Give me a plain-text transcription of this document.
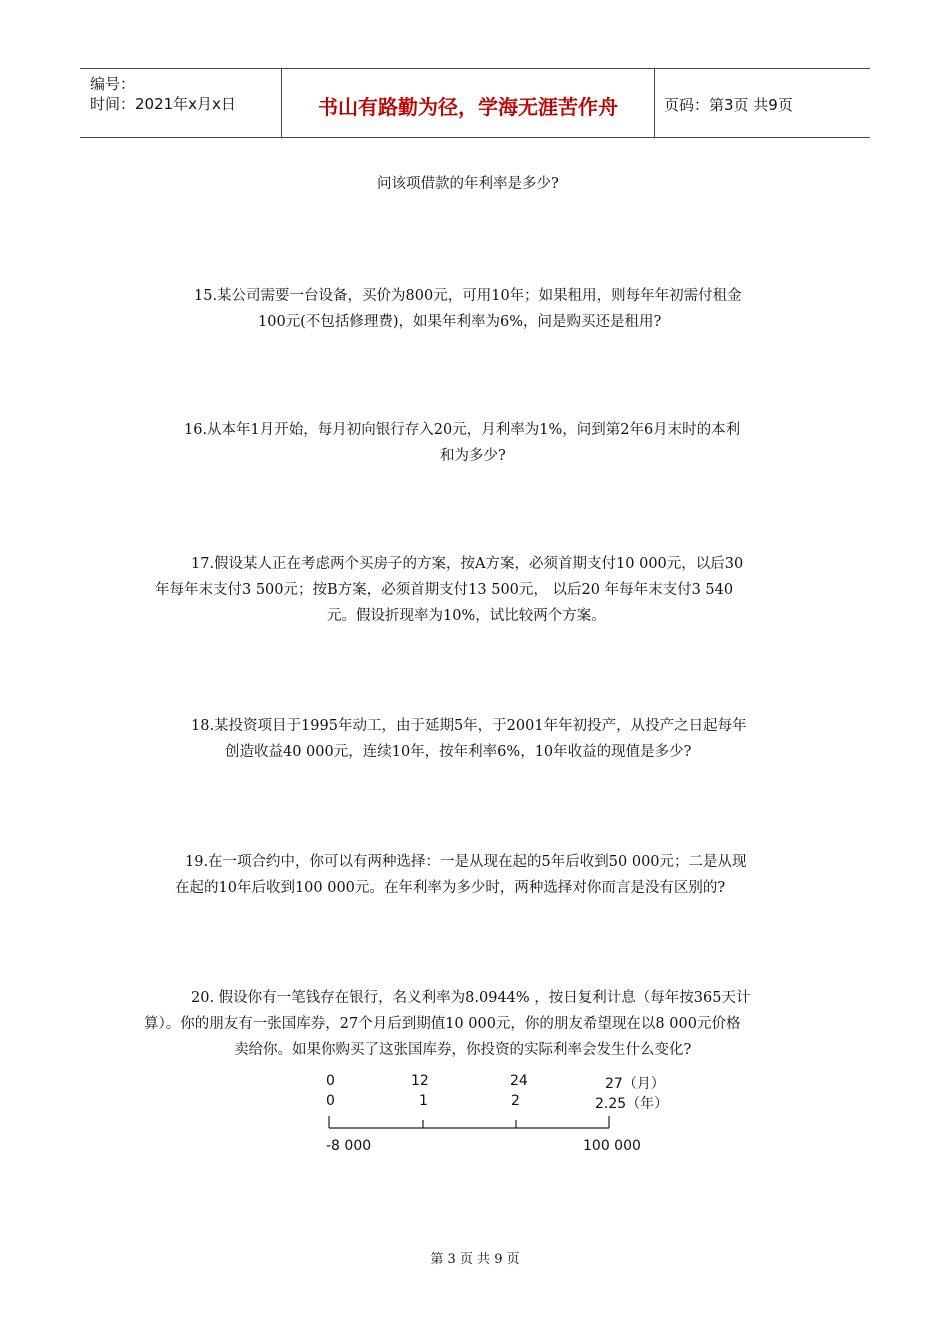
编号：
时间：2021年x月x日	书山有路勤为径，学海无涯苦作舟	页码：第3页 共9页
问该项借款的年利率是多少?
15.某公司需要一台设备，买价为800元，可用10年；如果租用，则每年年初需付租金
100元(不包括修理费)，如果年利率为6%，问是购买还是租用?
16.从本年1月开始，每月初向银行存入20元，月利率为1%，问到第2年6月末时的本利
和为多少?
17.假设某人正在考虑两个买房子的方案，按A方案，必须首期支付10 000元，以后30
年每年末支付3 500元；按B方案，必须首期支付13 500元， 以后20 年每年末支付3 540
元。假设折现率为10%，试比较两个方案。
18.某投资项目于1995年动工，由于延期5年，于2001年年初投产，从投产之日起每年
创造收益40 000元，连续10年，按年利率6%，10年收益的现值是多少?
19.在一项合约中，你可以有两种选择：一是从现在起的5年后收到50 000元；二是从现
在起的10年后收到100 000元。在年利率为多少时，两种选择对你而言是没有区别的?
20. 假设你有一笔钱存在银行，名义利率为8.0944% ，按日复利计息（每年按365天计
算）。你的朋友有一张国库券，27个月后到期值10 000元，你的朋友希望现在以8 000元价格
卖给你。如果你购买了这张国库券，你投资的实际利率会发生什么变化?
0	12	24	27（月）
0	1	2	2.25（年）
-8 000	100 000
第 3 页 共 9 页
